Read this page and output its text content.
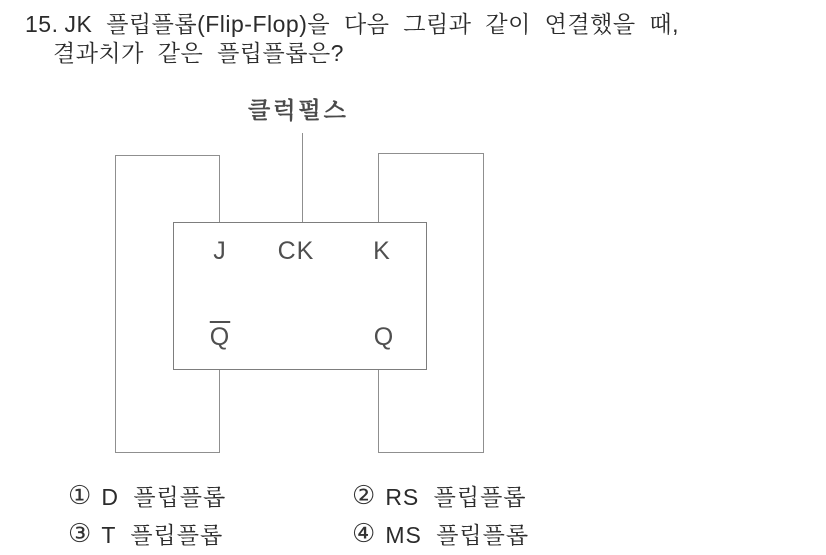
15. JK 플립플롭(Flip-Flop)을 다음 그림과 같이 연결했을 때,
결과치가 같은 플립플롭은?
클럭펄스
J CK K
$\overline{Q}$	Q
① D 플립플롭	② RS 플립플롭
③ T 플립플롭	④ MS 플립플롭
